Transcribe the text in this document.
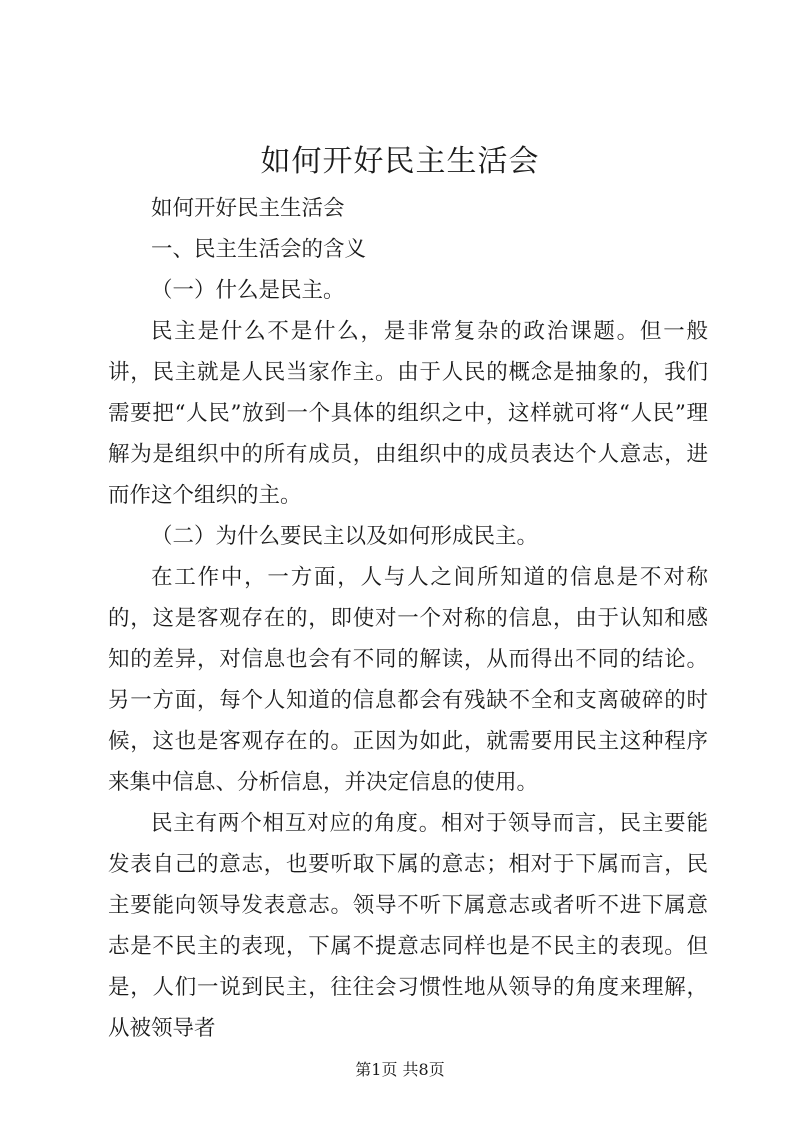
如何开好民主生活会

如何开好民主生活会

一、民主生活会的含义

（一）什么是民主。

民主是什么不是什么，是非常复杂的政治课题。但一般讲，民主就是人民当家作主。由于人民的概念是抽象的，我们需要把“人民”放到一个具体的组织之中，这样就可将“人民”理解为是组织中的所有成员，由组织中的成员表达个人意志，进而作这个组织的主。

（二）为什么要民主以及如何形成民主。

在工作中，一方面，人与人之间所知道的信息是不对称的，这是客观存在的，即使对一个对称的信息，由于认知和感知的差异，对信息也会有不同的解读，从而得出不同的结论。另一方面，每个人知道的信息都会有残缺不全和支离破碎的时候，这也是客观存在的。正因为如此，就需要用民主这种程序来集中信息、分析信息，并决定信息的使用。

民主有两个相互对应的角度。相对于领导而言，民主要能发表自己的意志，也要听取下属的意志；相对于下属而言，民主要能向领导发表意志。领导不听下属意志或者听不进下属意志是不民主的表现，下属不提意志同样也是不民主的表现。但是，人们一说到民主，往往会习惯性地从领导的角度来理解，从被领导者

第1页 共8页
